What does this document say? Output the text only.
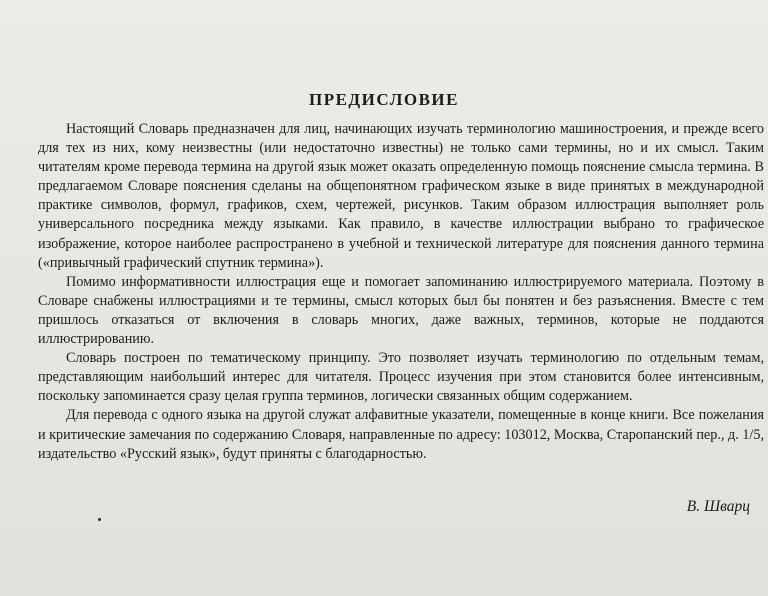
ПРЕДИСЛОВИЕ

Настоящий Словарь предназначен для лиц, начинающих изучать терминологию машиностроения, и прежде всего для тех из них, кому неизвестны (или недостаточно известны) не только сами термины, но и их смысл. Таким читателям кроме перевода термина на другой язык может оказать определенную помощь пояснение смысла термина. В предлагаемом Словаре пояснения сделаны на общепонятном графическом языке в виде принятых в международной практике символов, формул, графиков, схем, чертежей, рисунков. Таким образом иллюстрация выполняет роль универсального посредника между языками. Как правило, в качестве иллюстрации выбрано то графическое изображение, которое наиболее распространено в учебной и технической литературе для пояснения данного термина («привычный графический спутник термина»).

Помимо информативности иллюстрация еще и помогает запоминанию иллюстрируемого материала. Поэтому в Словаре снабжены иллюстрациями и те термины, смысл которых был бы понятен и без разъяснения. Вместе с тем пришлось отказаться от включения в словарь многих, даже важных, терминов, которые не поддаются иллюстрированию.

Словарь построен по тематическому принципу. Это позволяет изучать терминологию по отдельным темам, представляющим наибольший интерес для читателя. Процесс изучения при этом становится более интенсивным, поскольку запоминается сразу целая группа терминов, логически связанных общим содержанием.

Для перевода с одного языка на другой служат алфавитные указатели, помещенные в конце книги. Все пожелания и критические замечания по содержанию Словаря, направленные по адресу: 103012, Москва, Старопанский пер., д. 1/5, издательство «Русский язык», будут приняты с благодарностью.

В. Шварц
